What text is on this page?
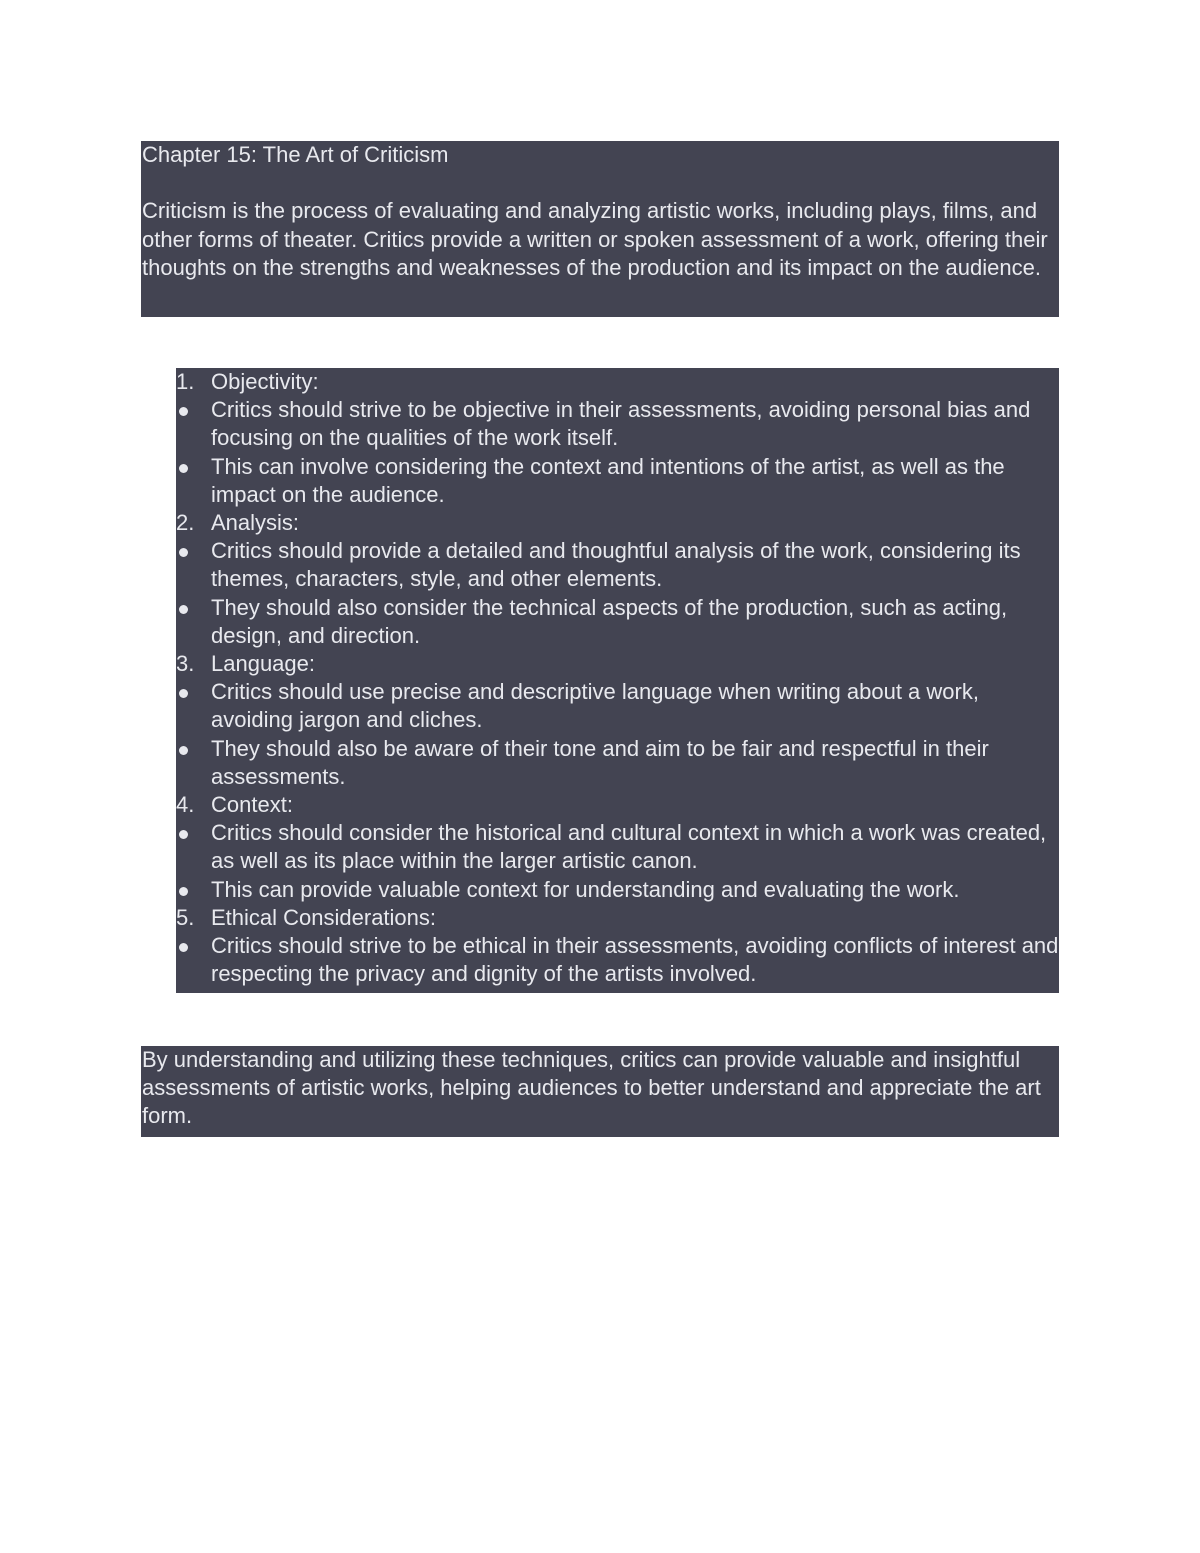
Chapter 15: The Art of Criticism

Criticism is the process of evaluating and analyzing artistic works, including plays, films, and other forms of theater. Critics provide a written or spoken assessment of a work, offering their thoughts on the strengths and weaknesses of the production and its impact on the audience.

1. Objectivity:
Critics should strive to be objective in their assessments, avoiding personal bias and focusing on the qualities of the work itself.
This can involve considering the context and intentions of the artist, as well as the impact on the audience.
2. Analysis:
Critics should provide a detailed and thoughtful analysis of the work, considering its themes, characters, style, and other elements.
They should also consider the technical aspects of the production, such as acting, design, and direction.
3. Language:
Critics should use precise and descriptive language when writing about a work, avoiding jargon and cliches.
They should also be aware of their tone and aim to be fair and respectful in their assessments.
4. Context:
Critics should consider the historical and cultural context in which a work was created, as well as its place within the larger artistic canon.
This can provide valuable context for understanding and evaluating the work.
5. Ethical Considerations:
Critics should strive to be ethical in their assessments, avoiding conflicts of interest and respecting the privacy and dignity of the artists involved.

By understanding and utilizing these techniques, critics can provide valuable and insightful assessments of artistic works, helping audiences to better understand and appreciate the art form.
